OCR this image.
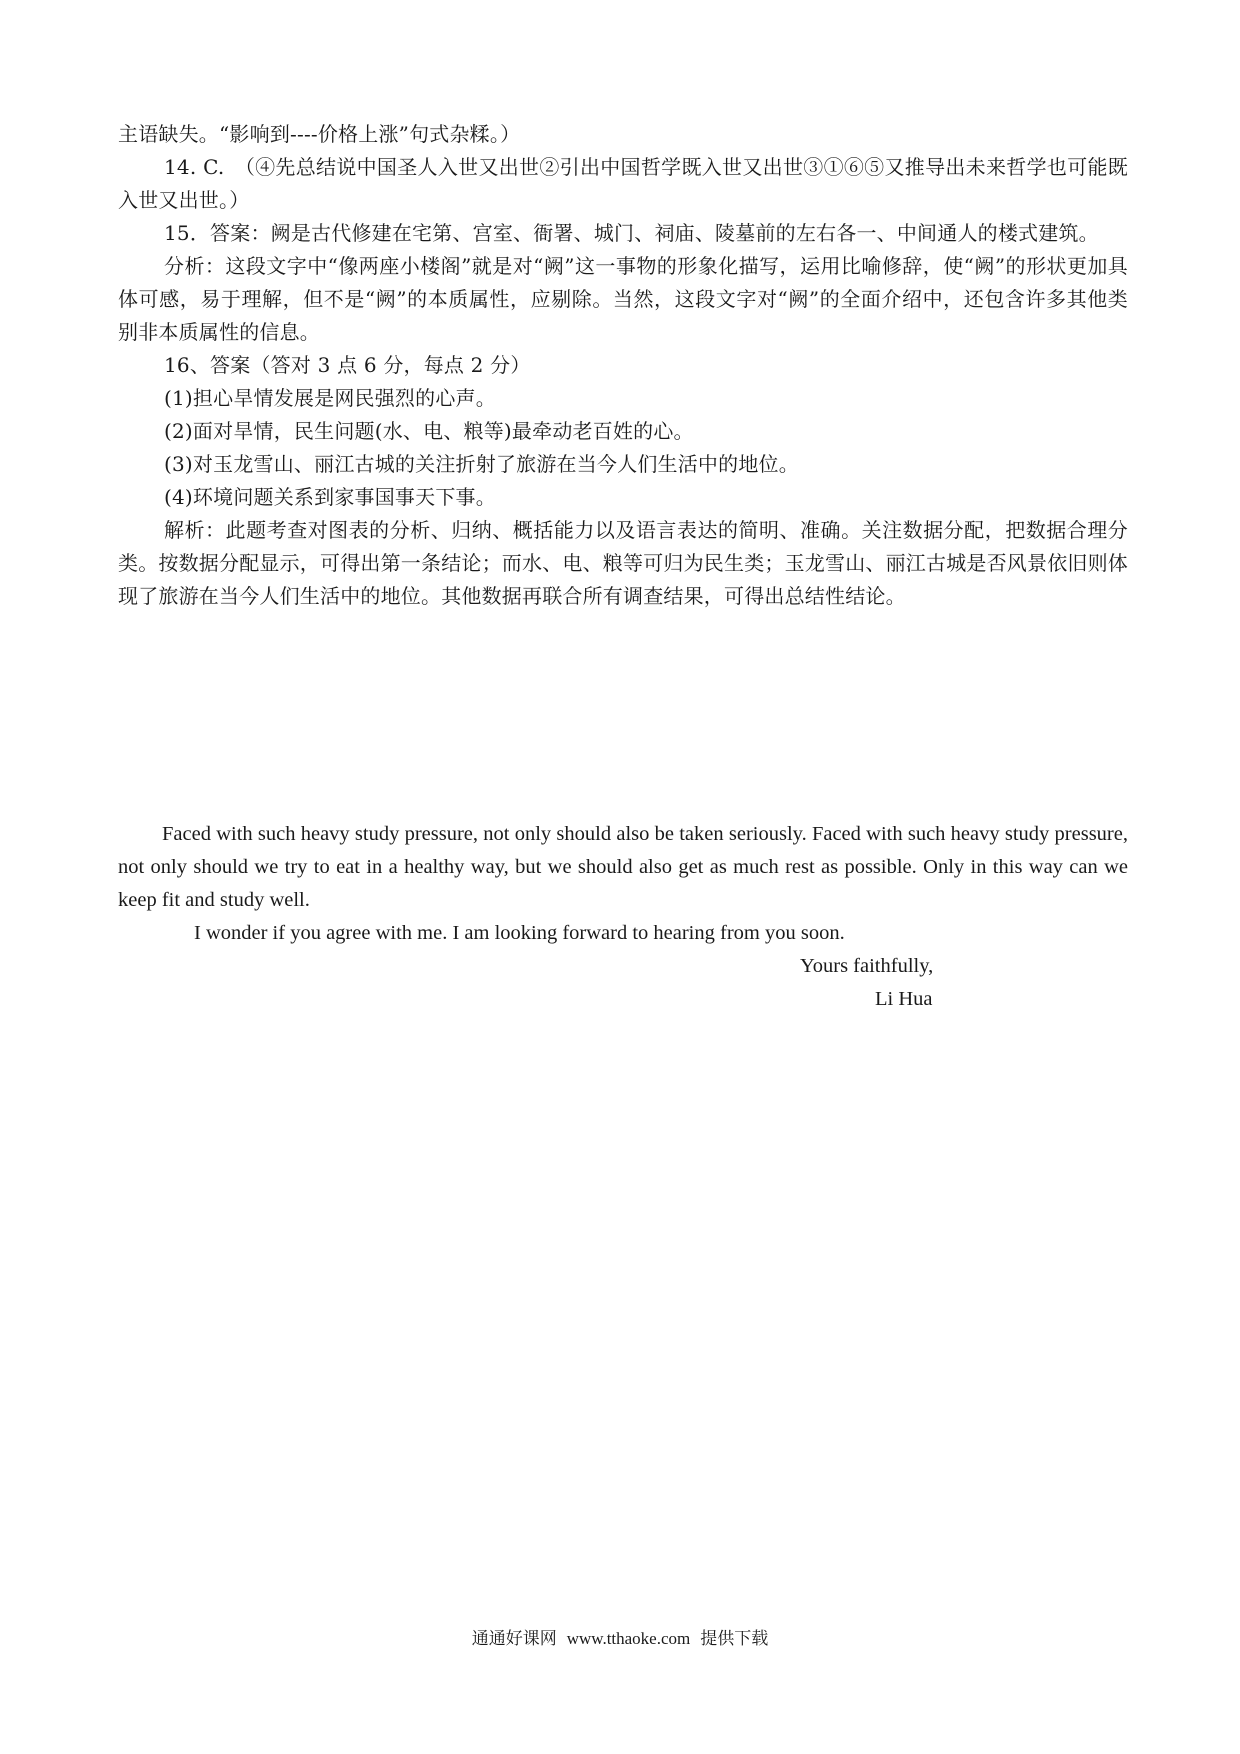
主语缺失。“影响到----价格上涨”句式杂糅。）

14. C.　（④先总结说中国圣人入世又出世②引出中国哲学既入世又出世③①⑥⑤又推导出未来哲学也可能既入世又出世。）

15．答案：阙是古代修建在宅第、宫室、衙署、城门、祠庙、陵墓前的左右各一、中间通人的楼式建筑。

分析：这段文字中“像两座小楼阁”就是对“阙”这一事物的形象化描写，运用比喻修辞，使“阙”的形状更加具体可感，易于理解，但不是“阙”的本质属性，应剔除。当然，这段文字对“阙”的全面介绍中，还包含许多其他类别非本质属性的信息。

16、答案（答对 3 点 6 分，每点 2 分）

(1)担心旱情发展是网民强烈的心声。

(2)面对旱情，民生问题(水、电、粮等)最牵动老百姓的心。

(3)对玉龙雪山、丽江古城的关注折射了旅游在当今人们生活中的地位。

(4)环境问题关系到家事国事天下事。

解析：此题考查对图表的分析、归纳、概括能力以及语言表达的简明、准确。关注数据分配，把数据合理分类。按数据分配显示，可得出第一条结论；而水、电、粮等可归为民生类；玉龙雪山、丽江古城是否风景依旧则体现了旅游在当今人们生活中的地位。其他数据再联合所有调查结果，可得出总结性结论。

Faced with such heavy study pressure, not only should also be taken seriously. Faced with such heavy study pressure, not only should we try to eat in a healthy way, but we should also get as much rest as possible. Only in this way can we keep fit and study well.

I wonder if you agree with me. I am looking forward to hearing from you soon.

Yours faithfully,
Li Hua
通通好课网 www.tthaoke.com 提供下载
